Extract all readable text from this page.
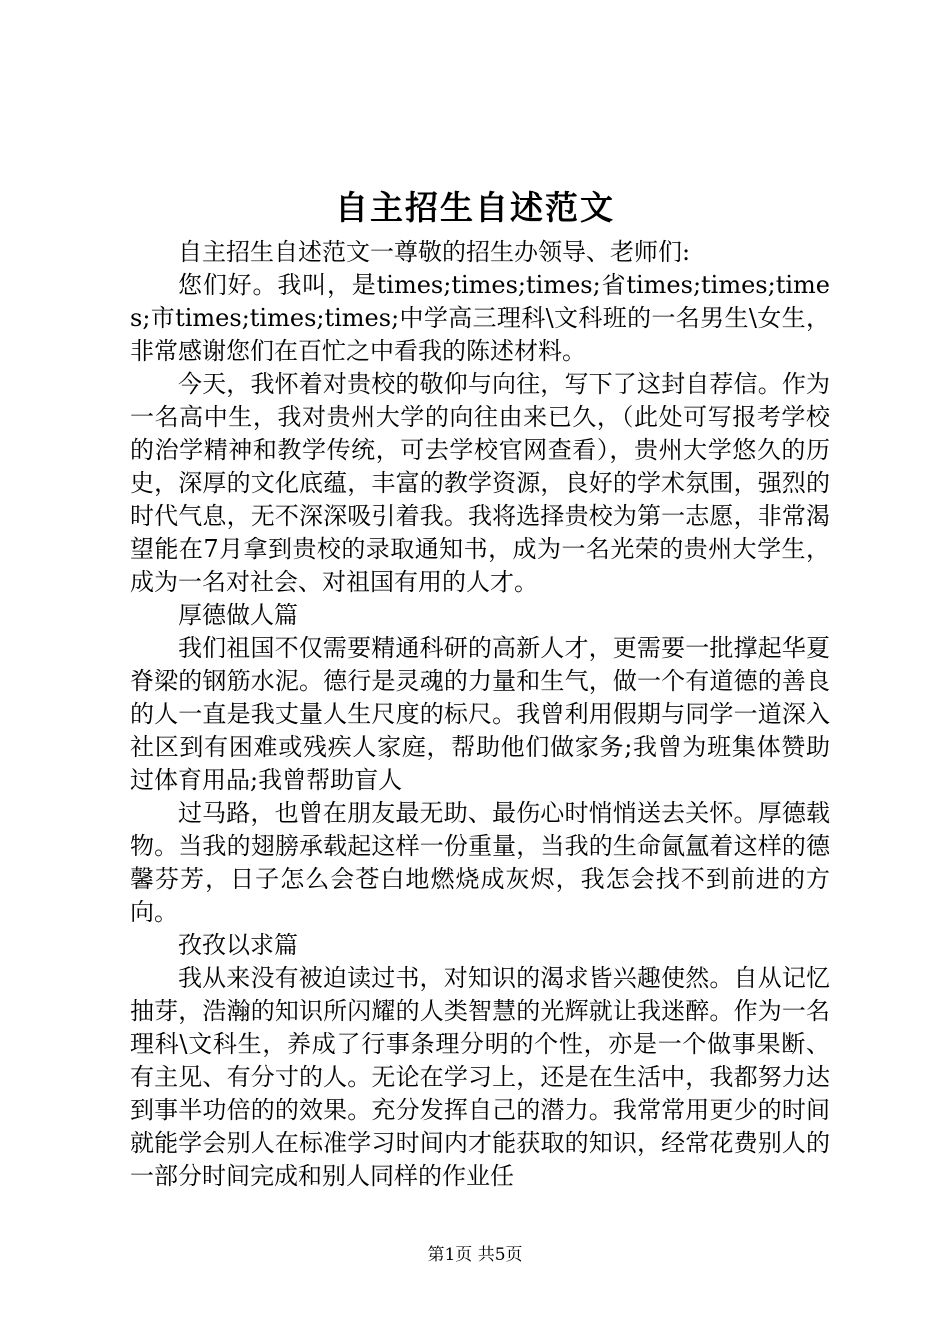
自主招生自述范文

自主招生自述范文一尊敬的招生办领导、老师们:

您们好。我叫，是times;times;times;省times;times;times;市times;times;times;中学高三理科\文科班的一名男生\女生，非常感谢您们在百忙之中看我的陈述材料。

今天，我怀着对贵校的敬仰与向往，写下了这封自荐信。作为一名高中生，我对贵州大学的向往由来已久，（此处可写报考学校的治学精神和教学传统，可去学校官网查看），贵州大学悠久的历史，深厚的文化底蕴，丰富的教学资源，良好的学术氛围，强烈的时代气息，无不深深吸引着我。我将选择贵校为第一志愿，非常渴望能在7月拿到贵校的录取通知书，成为一名光荣的贵州大学生，成为一名对社会、对祖国有用的人才。

厚德做人篇

我们祖国不仅需要精通科研的高新人才，更需要一批撑起华夏脊梁的钢筋水泥。德行是灵魂的力量和生气，做一个有道德的善良的人一直是我丈量人生尺度的标尺。我曾利用假期与同学一道深入社区到有困难或残疾人家庭，帮助他们做家务;我曾为班集体赞助过体育用品;我曾帮助盲人

过马路，也曾在朋友最无助、最伤心时悄悄送去关怀。厚德载物。当我的翅膀承载起这样一份重量，当我的生命氤氲着这样的德馨芬芳，日子怎么会苍白地燃烧成灰烬，我怎会找不到前进的方向。

孜孜以求篇

我从来没有被迫读过书，对知识的渴求皆兴趣使然。自从记忆抽芽，浩瀚的知识所闪耀的人类智慧的光辉就让我迷醉。作为一名理科\文科生，养成了行事条理分明的个性，亦是一个做事果断、有主见、有分寸的人。无论在学习上，还是在生活中，我都努力达到事半功倍的的效果。充分发挥自己的潜力。我常常用更少的时间就能学会别人在标准学习时间内才能获取的知识，经常花费别人的一部分时间完成和别人同样的作业任

第1页 共5页
